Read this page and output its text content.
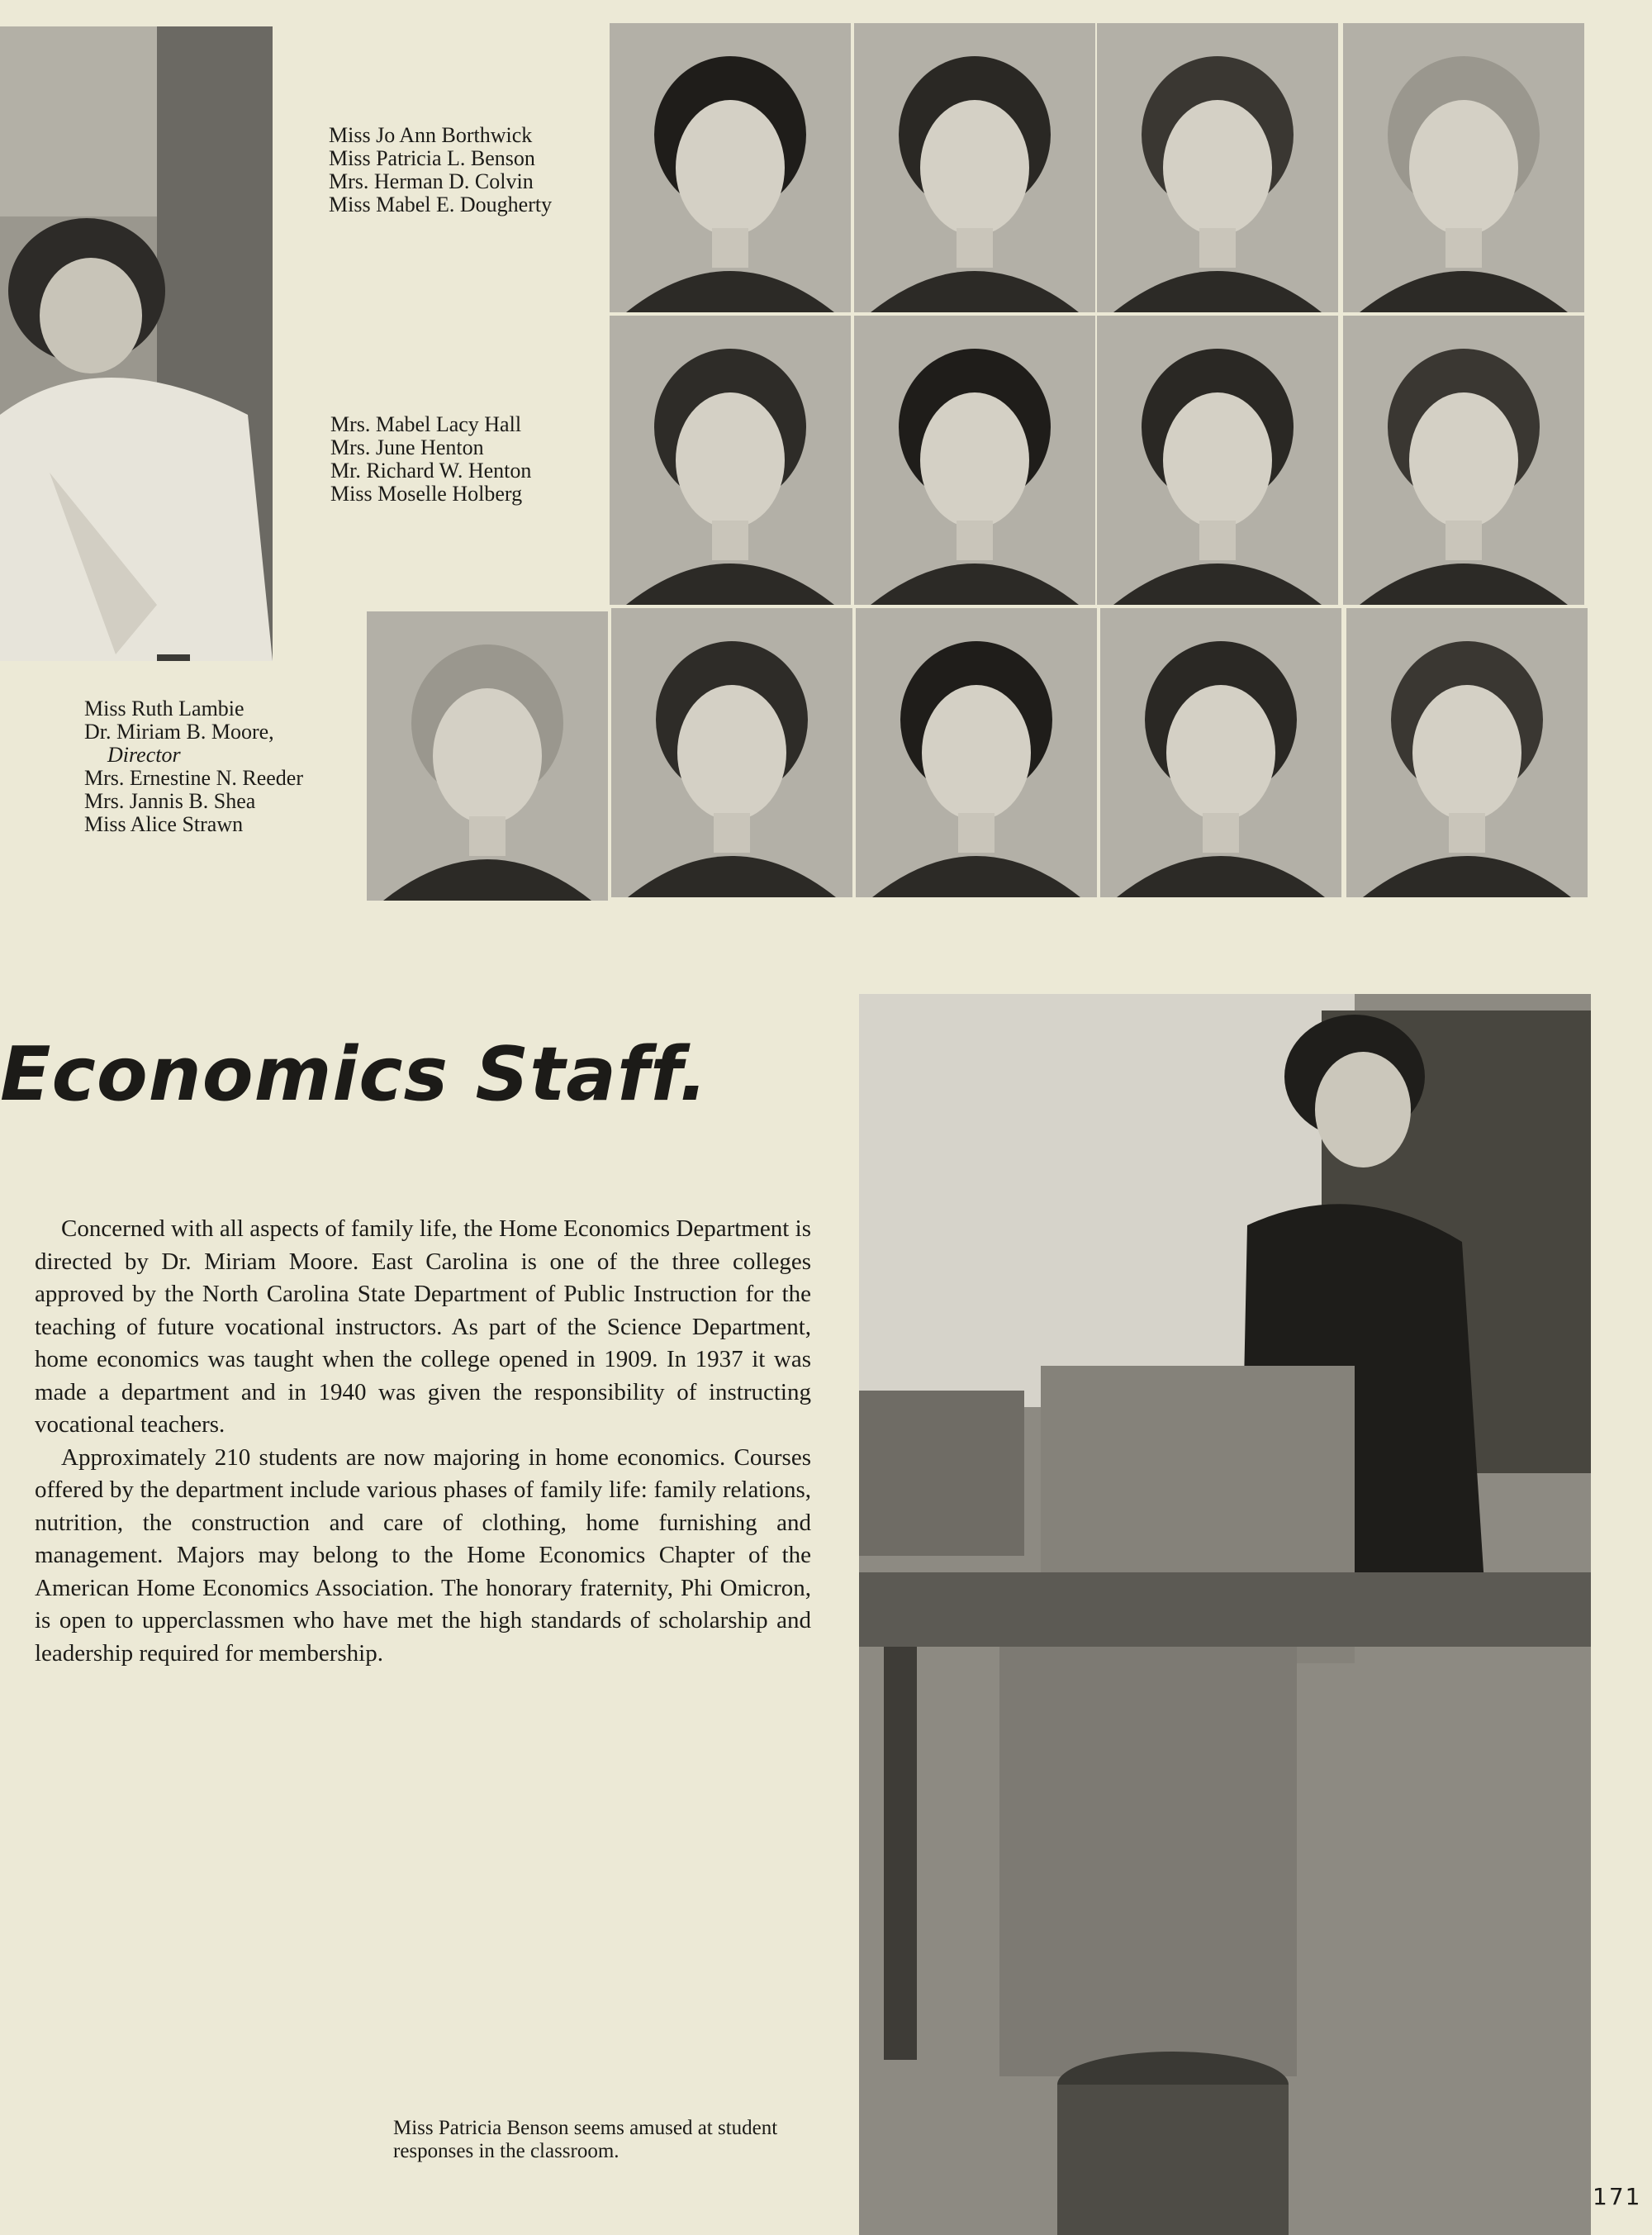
Miss Jo Ann Borthwick
Miss Patricia L. Benson
Mrs. Herman D. Colvin
Miss Mabel E. Dougherty
Mrs. Mabel Lacy Hall
Mrs. June Henton
Mr. Richard W. Henton
Miss Moselle Holberg
Miss Ruth Lambie
Dr. Miriam B. Moore,
Director
Mrs. Ernestine N. Reeder
Mrs. Jannis B. Shea
Miss Alice Strawn
Economics Staff.

Concerned with all aspects of family life, the Home Economics Department is directed by Dr. Miriam Moore. East Carolina is one of the three colleges approved by the North Carolina State Department of Public Instruction for the teaching of future vocational instructors. As part of the Science Department, home economics was taught when the college opened in 1909. In 1937 it was made a department and in 1940 was given the responsibility of instructing vocational teachers.

Approximately 210 students are now majoring in home economics. Courses offered by the department include various phases of family life: family relations, nutrition, the construction and care of clothing, home furnishing and management. Majors may belong to the Home Economics Chapter of the American Home Economics Association. The honorary fraternity, Phi Omicron, is open to upperclassmen who have met the high standards of scholarship and leadership required for membership.

Miss Patricia Benson seems amused at student responses in the classroom.
171
